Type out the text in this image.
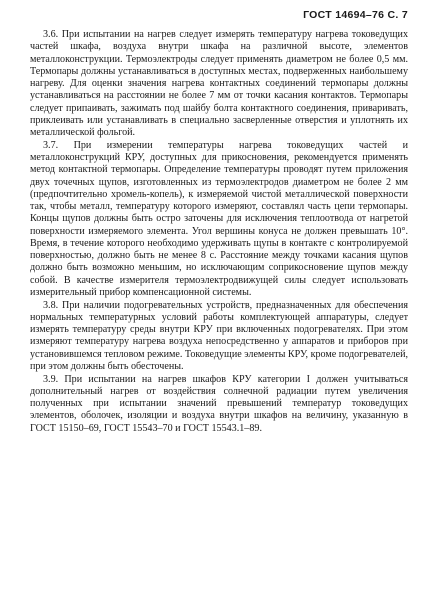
ГОСТ 14694–76 С. 7

3.6. При испытании на нагрев следует измерять температуру нагрева токоведущих частей шкафа, воздуха внутри шкафа на различной высоте, элементов металлоконструкции. Термоэлектроды следует применять диаметром не более 0,5 мм. Термопары должны устанавливаться в доступных местах, подверженных наибольшему нагреву. Для оценки значения нагрева контактных соединений термопары должны устанавливаться на расстоянии не более 7 мм от точки касания контактов. Термопары следует припаивать, зажимать под шайбу болта контактного соединения, приваривать, приклеивать или устанавливать в специально засверленные отверстия и уплотнять их металлической фольгой.

3.7. При измерении температуры нагрева токоведущих частей и металлоконструкций КРУ, доступных для прикосновения, рекомендуется применять метод контактной термопары. Определение температуры проводят путем приложения двух точечных щупов, изготовленных из термоэлектродов диаметром не более 2 мм (предпочтительно хромель-копель), к измеряемой чистой металлической поверхности так, чтобы металл, температуру которого измеряют, составлял часть цепи термопары. Концы щупов должны быть остро заточены для исключения теплоотвода от нагретой поверхности измеряемого элемента. Угол вершины конуса не должен превышать 10°. Время, в течение которого необходимо удерживать щупы в контакте с контролируемой поверхностью, должно быть не менее 8 с. Расстояние между точками касания щупов должно быть возможно меньшим, но исключающим соприкосновение щупов между собой. В качестве измерителя термоэлектродвижущей силы следует использовать измерительный прибор компенсационной системы.

3.8. При наличии подогревательных устройств, предназначенных для обеспечения нормальных температурных условий работы комплектующей аппаратуры, следует измерять температуру среды внутри КРУ при включенных подогревателях. При этом измеряют температуру нагрева воздуха непосредственно у аппаратов и приборов при установившемся тепловом режиме. Токоведущие элементы КРУ, кроме подогревателей, при этом должны быть обесточены.

3.9. При испытании на нагрев шкафов КРУ категории I должен учитываться дополнительный нагрев от воздействия солнечной радиации путем увеличения полученных при испытании значений превышений температур токоведущих элементов, оболочек, изоляции и воздуха внутри шкафов на величину, указанную в ГОСТ 15150–69, ГОСТ 15543–70 и ГОСТ 15543.1–89.
